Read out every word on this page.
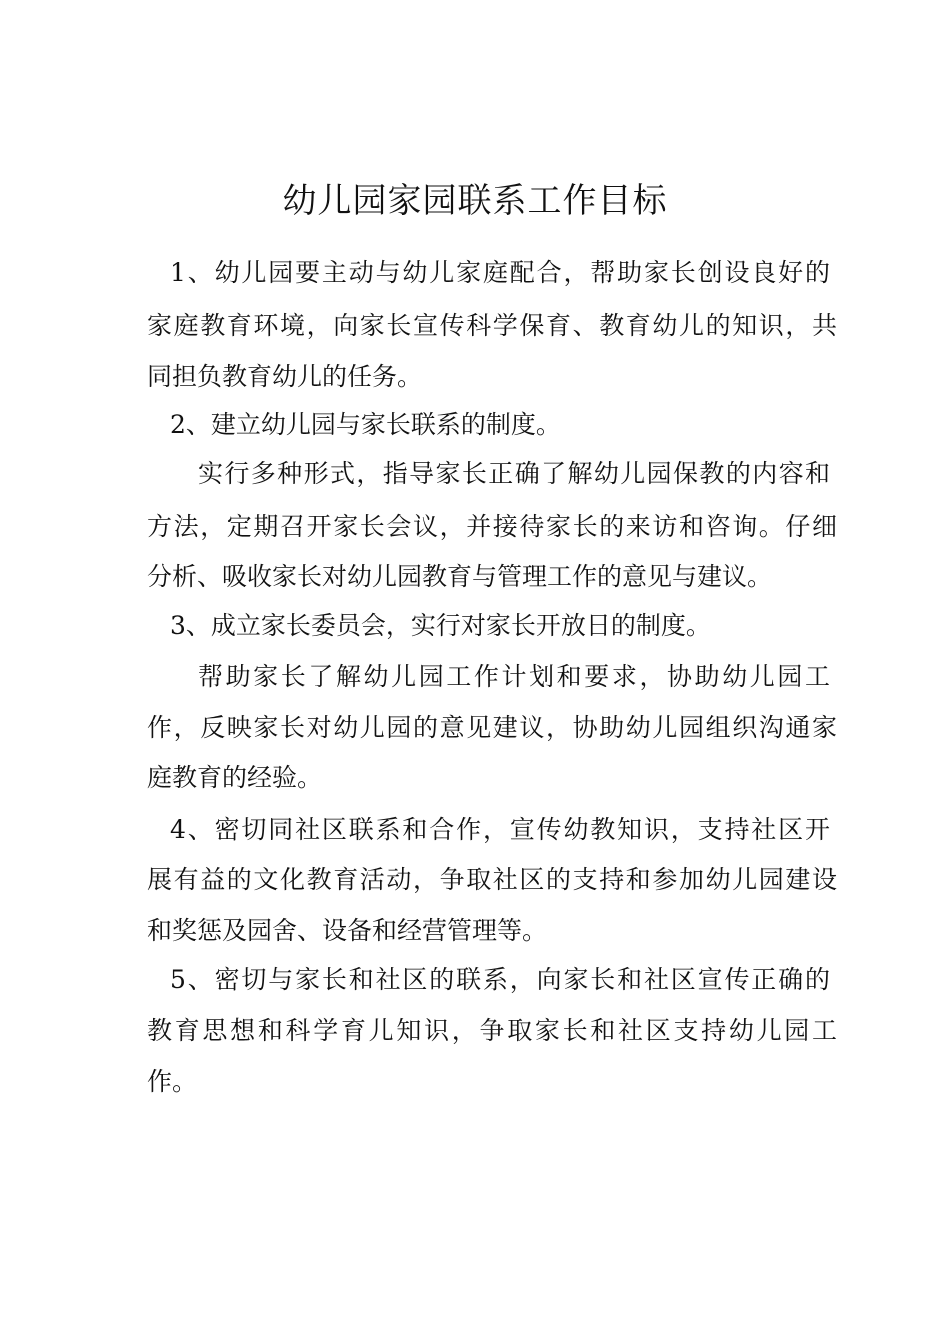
幼儿园家园联系工作目标
1、幼儿园要主动与幼儿家庭配合，帮助家长创设良好的
家庭教育环境，向家长宣传科学保育、教育幼儿的知识，共
同担负教育幼儿的任务。
2、建立幼儿园与家长联系的制度。
实行多种形式，指导家长正确了解幼儿园保教的内容和
方法，定期召开家长会议，并接待家长的来访和咨询。仔细
分析、吸收家长对幼儿园教育与管理工作的意见与建议。
3、成立家长委员会，实行对家长开放日的制度。
帮助家长了解幼儿园工作计划和要求，协助幼儿园工
作，反映家长对幼儿园的意见建议，协助幼儿园组织沟通家
庭教育的经验。
4、密切同社区联系和合作，宣传幼教知识，支持社区开
展有益的文化教育活动，争取社区的支持和参加幼儿园建设
和奖惩及园舍、设备和经营管理等。
5、密切与家长和社区的联系，向家长和社区宣传正确的
教育思想和科学育儿知识，争取家长和社区支持幼儿园工
作。
